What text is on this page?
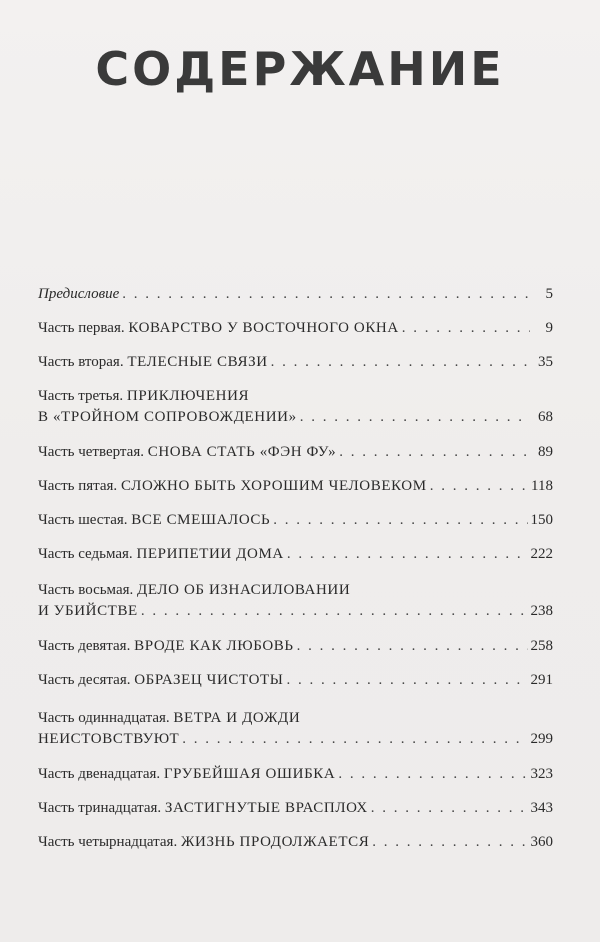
СОДЕРЖАНИЕ
Предисловие . . .	5
Часть первая. КОВАРСТВО У ВОСТОЧНОГО ОКНА . . .	9
Часть вторая. ТЕЛЕСНЫЕ СВЯЗИ . . .	35
Часть третья. ПРИКЛЮЧЕНИЯ
В «ТРОЙНОМ СОПРОВОЖДЕНИИ» . . .	68
Часть четвертая. СНОВА СТАТЬ «ФЭН ФУ» . . .	89
Часть пятая. СЛОЖНО БЫТЬ ХОРОШИМ ЧЕЛОВЕКОМ . . .	118
Часть шестая. ВСЕ СМЕШАЛОСЬ . . .	150
Часть седьмая. ПЕРИПЕТИИ ДОМА . . .	222
Часть восьмая. ДЕЛО ОБ ИЗНАСИЛОВАНИИ
И УБИЙСТВЕ . . .	238
Часть девятая. ВРОДЕ КАК ЛЮБОВЬ . . .	258
Часть десятая. ОБРАЗЕЦ ЧИСТОТЫ . . .	291
Часть одиннадцатая. ВЕТРА И ДОЖДИ
НЕИСТОВСТВУЮТ . . .	299
Часть двенадцатая. ГРУБЕЙШАЯ ОШИБКА . . .	323
Часть тринадцатая. ЗАСТИГНУТЫЕ ВРАСПЛОХ . . .	343
Часть четырнадцатая. ЖИЗНЬ ПРОДОЛЖАЕТСЯ . . .	360
